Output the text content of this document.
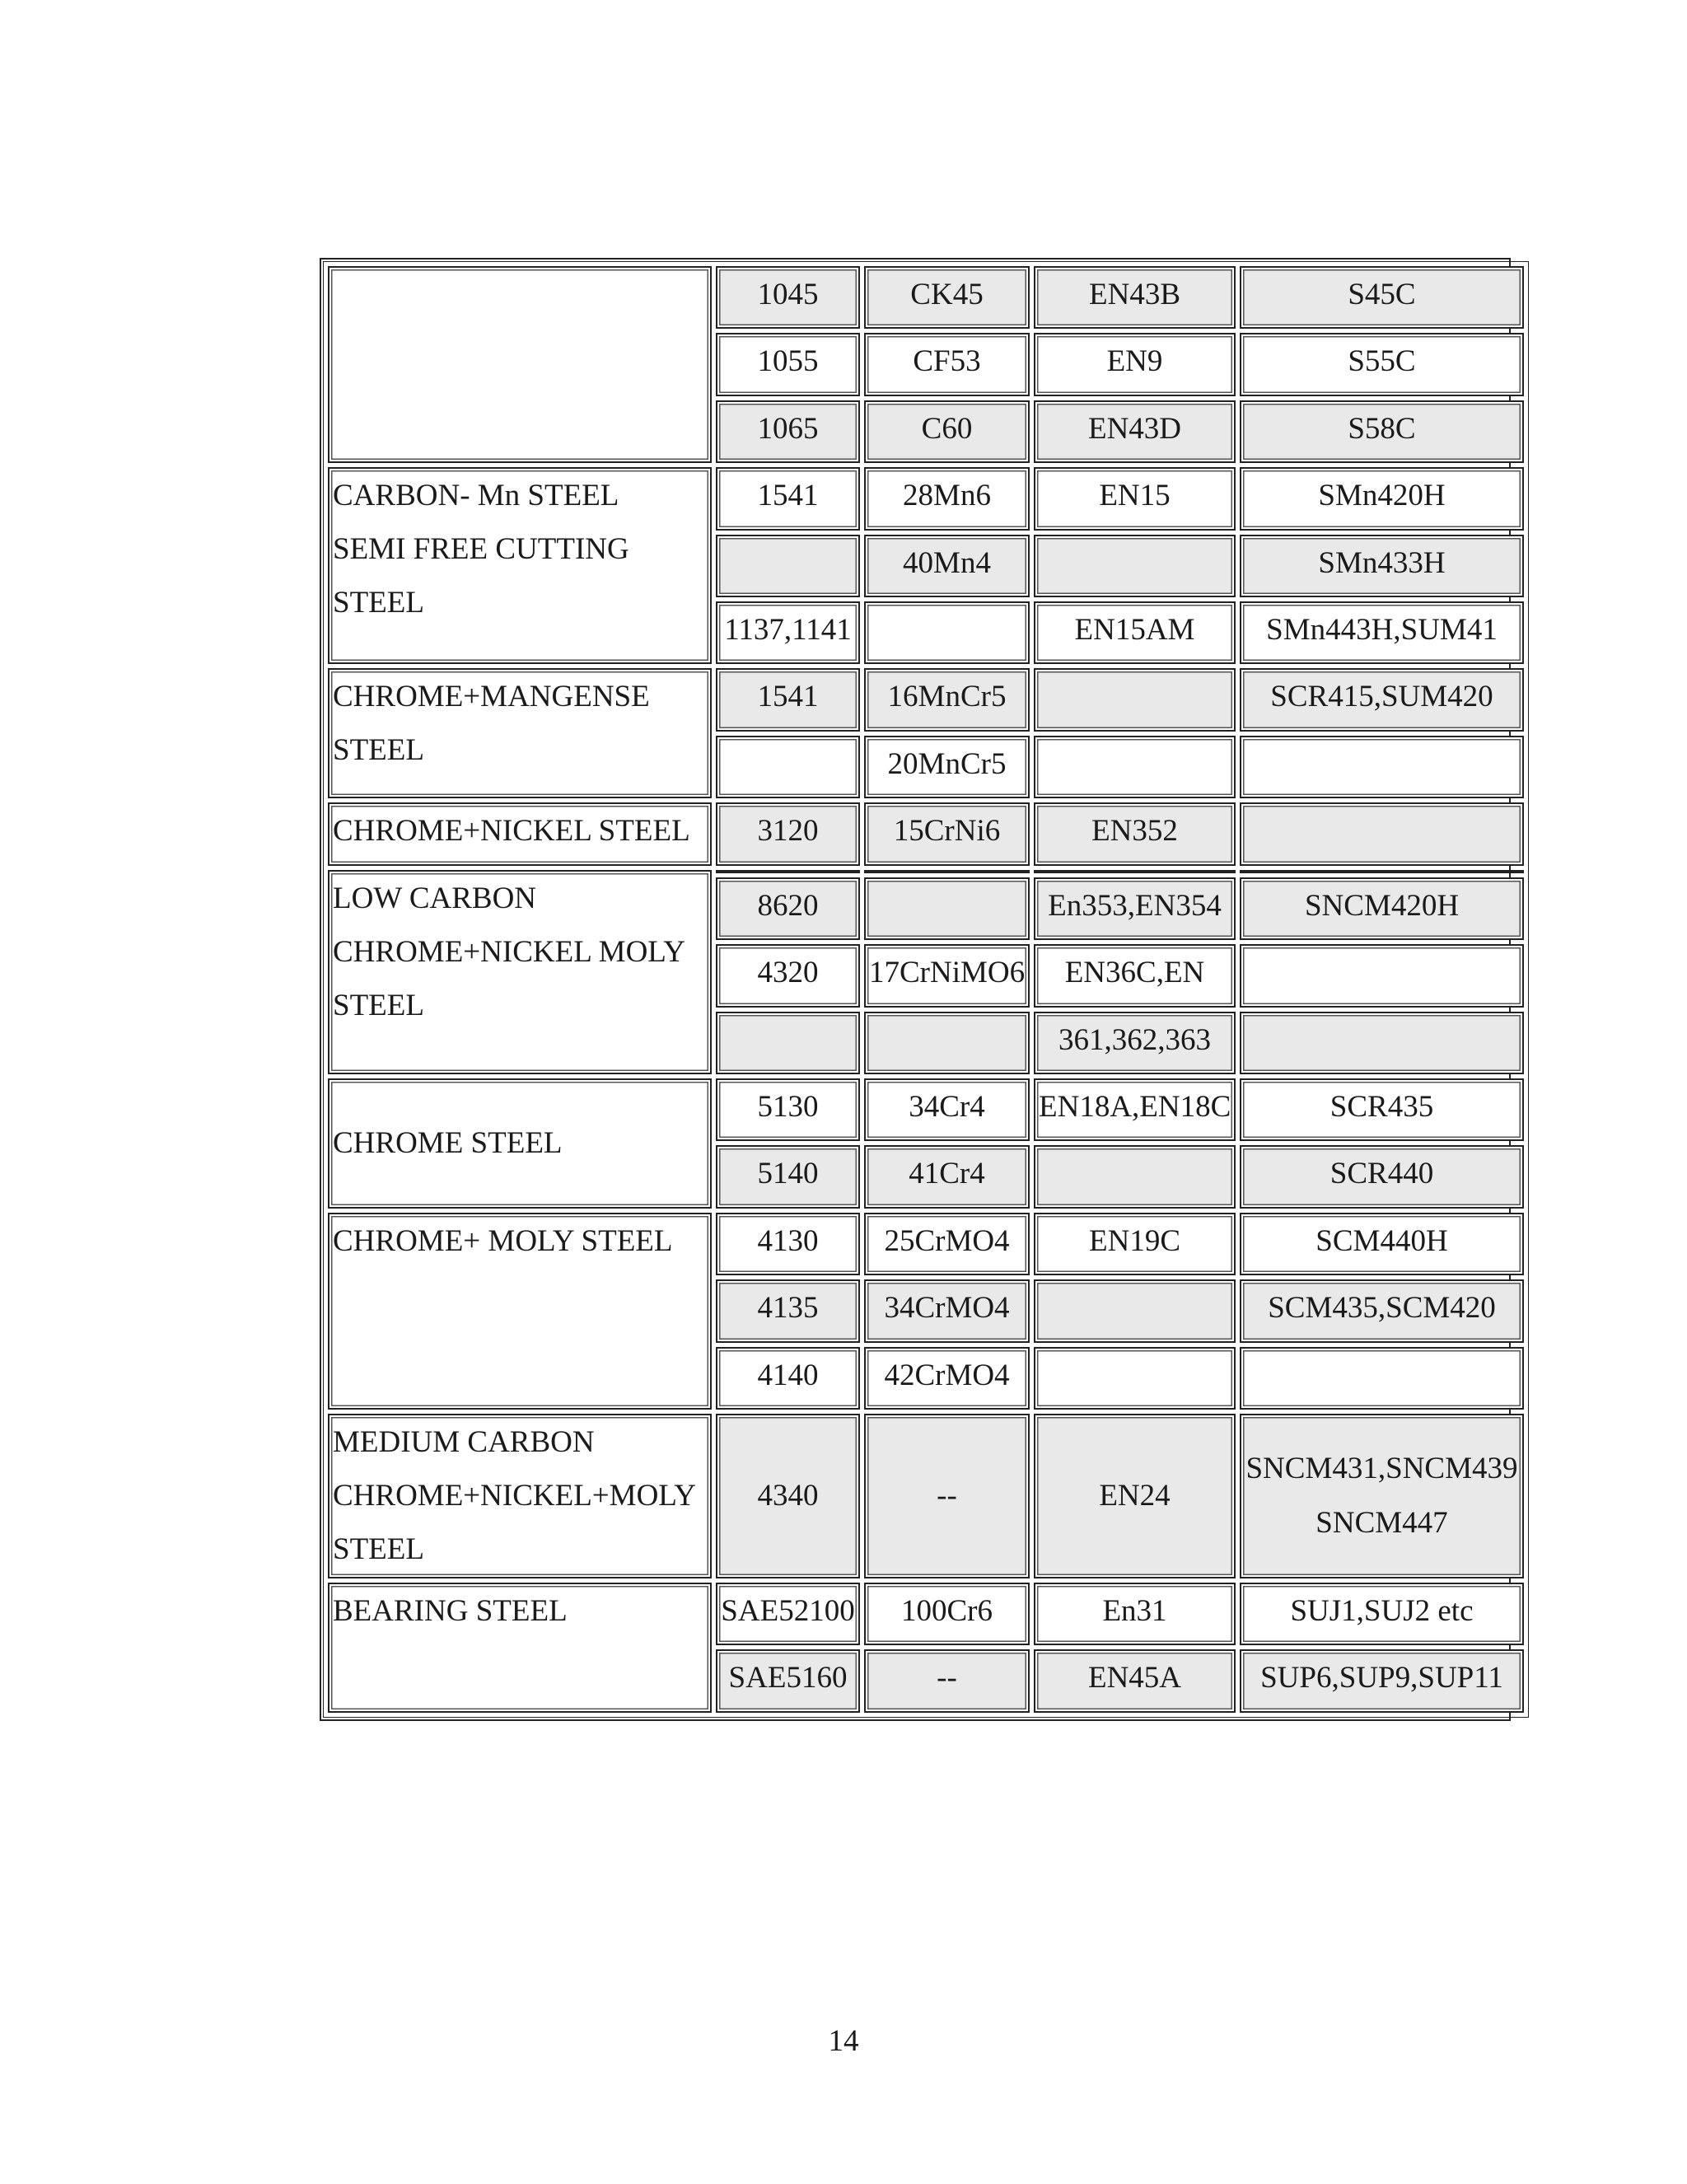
	1045	CK45	EN43B	S45C
	1055	CF53	EN9	S55C
	1065	C60	EN43D	S58C

CARBON- Mn STEEL
SEMI FREE CUTTING
STEEL	1541	28Mn6	EN15	SMn420H
		40Mn4		SMn433H
	1137,1141		EN15AM	SMn443H,SUM41

CHROME+MANGENSE
STEEL	1541	16MnCr5		SCR415,SUM420
		20MnCr5		

CHROME+NICKEL STEEL	3120	15CrNi6	EN352	

LOW CARBON
CHROME+NICKEL MOLY
STEEL				

	8620		En353,EN354	SNCM420H
	4320	17CrNiMO6	EN36C,EN	
			361,362,363	

CHROME STEEL	5130	34Cr4	EN18A,EN18C	SCR435
	5140	41Cr4		SCR440

CHROME+ MOLY STEEL	4130	25CrMO4	EN19C	SCM440H
	4135	34CrMO4		SCM435,SCM420
	4140	42CrMO4		

MEDIUM CARBON
CHROME+NICKEL+MOLY
STEEL	4340	--	EN24	SNCM431,SNCM439
SNCM447

BEARING STEEL	SAE52100	100Cr6	En31	SUJ1,SUJ2 etc
	SAE5160	--	EN45A	SUP6,SUP9,SUP11
14
